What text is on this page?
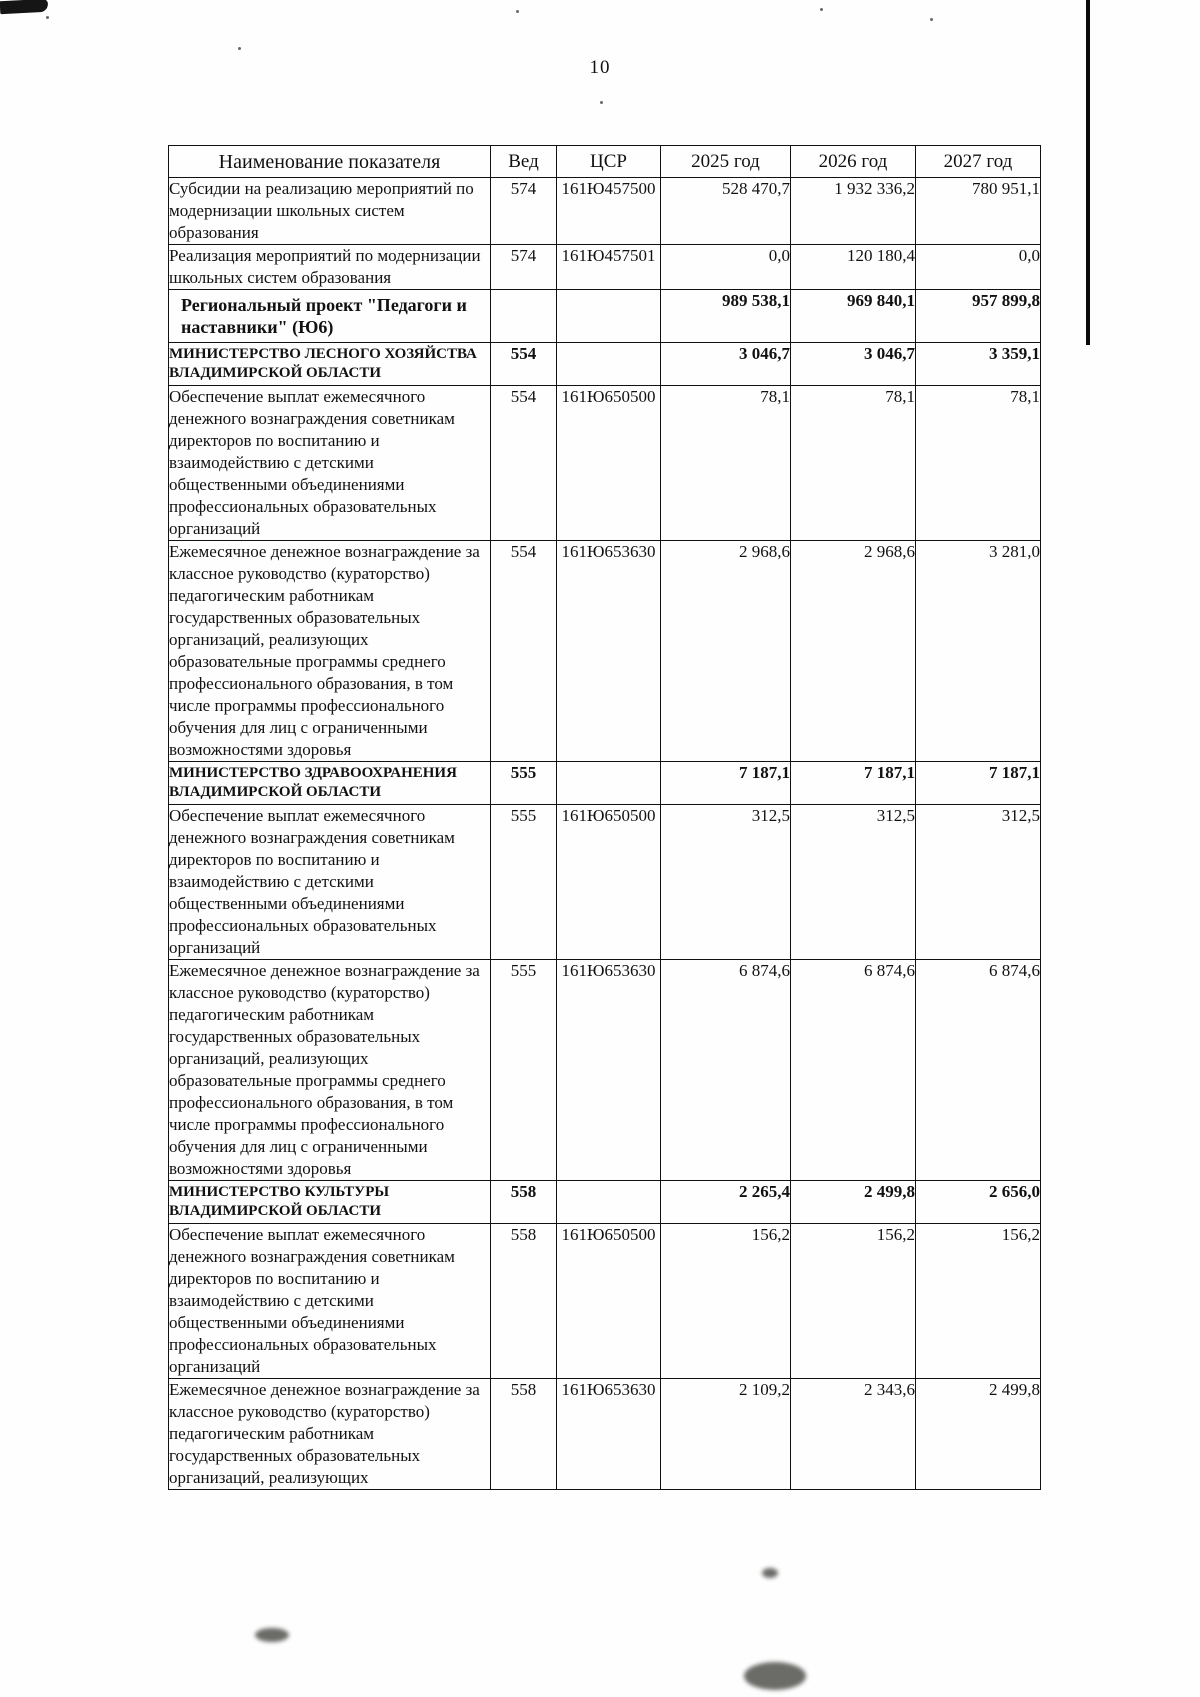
10
Наименование показателя	Вед	ЦСР	2025 год	2026 год	2027 год
Субсидии на реализацию мероприятий по модернизации школьных систем образования	574	161Ю457500	528 470,7	1 932 336,2	780 951,1
Реализация мероприятий по модернизации школьных систем образования	574	161Ю457501	0,0	120 180,4	0,0
Региональный проект "Педагоги и наставники" (Ю6)			989 538,1	969 840,1	957 899,8
МИНИСТЕРСТВО ЛЕСНОГО ХОЗЯЙСТВА ВЛАДИМИРСКОЙ ОБЛАСТИ	554		3 046,7	3 046,7	3 359,1
Обеспечение выплат ежемесячного денежного вознаграждения советникам директоров по воспитанию и взаимодействию с детскими общественными объединениями профессиональных образовательных организаций	554	161Ю650500	78,1	78,1	78,1
Ежемесячное денежное вознаграждение за классное руководство (кураторство) педагогическим работникам государственных образовательных организаций, реализующих образовательные программы среднего профессионального образования, в том числе программы профессионального обучения для лиц с ограниченными возможностями здоровья	554	161Ю653630	2 968,6	2 968,6	3 281,0
МИНИСТЕРСТВО ЗДРАВООХРАНЕНИЯ ВЛАДИМИРСКОЙ ОБЛАСТИ	555		7 187,1	7 187,1	7 187,1
Обеспечение выплат ежемесячного денежного вознаграждения советникам директоров по воспитанию и взаимодействию с детскими общественными объединениями профессиональных образовательных организаций	555	161Ю650500	312,5	312,5	312,5
Ежемесячное денежное вознаграждение за классное руководство (кураторство) педагогическим работникам государственных образовательных организаций, реализующих образовательные программы среднего профессионального образования, в том числе программы профессионального обучения для лиц с ограниченными возможностями здоровья	555	161Ю653630	6 874,6	6 874,6	6 874,6
МИНИСТЕРСТВО КУЛЬТУРЫ ВЛАДИМИРСКОЙ ОБЛАСТИ	558		2 265,4	2 499,8	2 656,0
Обеспечение выплат ежемесячного денежного вознаграждения советникам директоров по воспитанию и взаимодействию с детскими общественными объединениями профессиональных образовательных организаций	558	161Ю650500	156,2	156,2	156,2
Ежемесячное денежное вознаграждение за классное руководство (кураторство) педагогическим работникам государственных образовательных организаций, реализующих	558	161Ю653630	2 109,2	2 343,6	2 499,8
